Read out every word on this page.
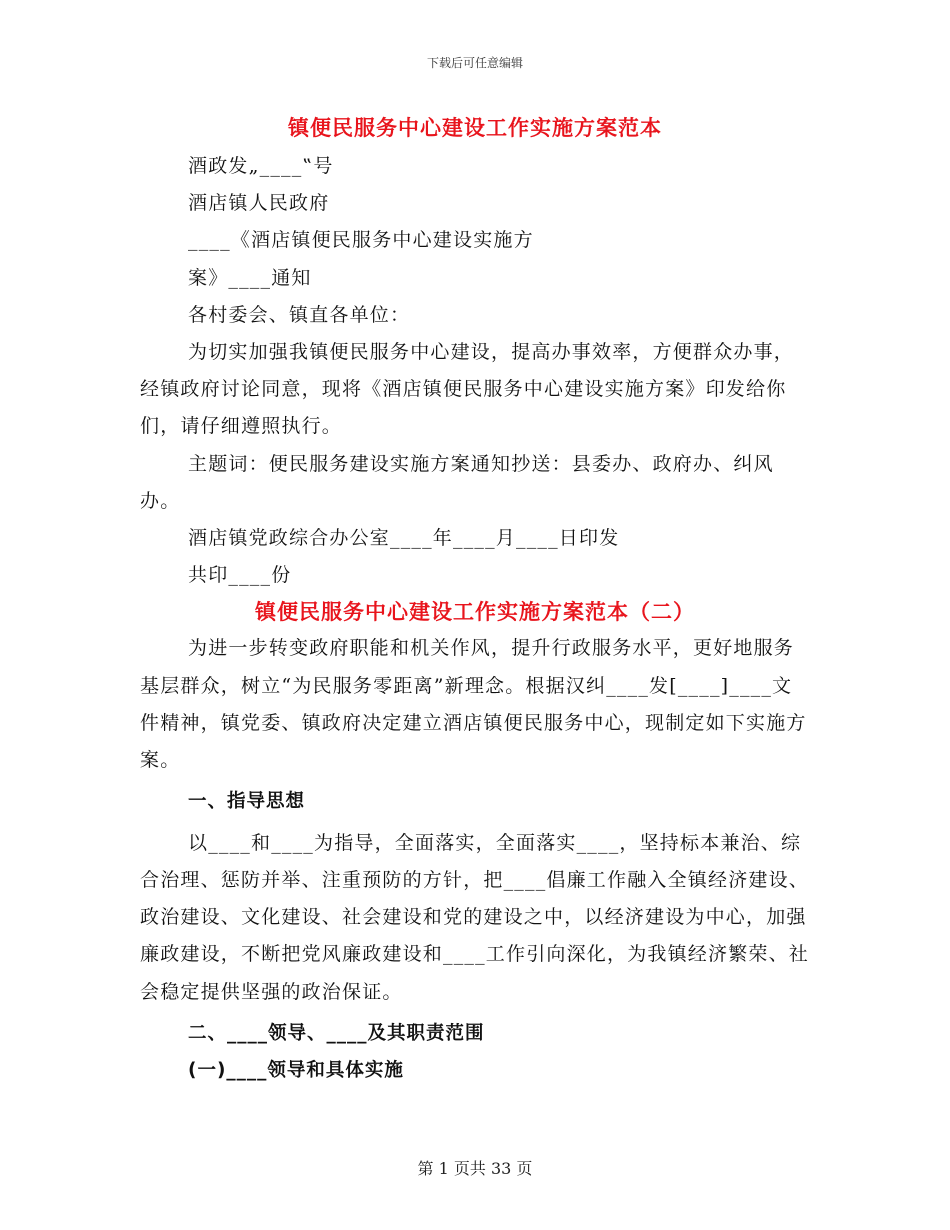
下载后可任意编辑
镇便民服务中心建设工作实施方案范本

酒政发„____‟号

酒店镇人民政府

____《酒店镇便民服务中心建设实施方

案》____通知

各村委会、镇直各单位：

为切实加强我镇便民服务中心建设，提高办事效率，方便群众办事，经镇政府讨论同意，现将《酒店镇便民服务中心建设实施方案》印发给你们，请仔细遵照执行。

主题词：便民服务建设实施方案通知抄送：县委办、政府办、纠风办。

酒店镇党政综合办公室____年____月____日印发

共印____份

镇便民服务中心建设工作实施方案范本（二）

为进一步转变政府职能和机关作风，提升行政服务水平，更好地服务基层群众，树立“为民服务零距离”新理念。根据汉纠____发[____]____文件精神，镇党委、镇政府决定建立酒店镇便民服务中心，现制定如下实施方案。

一、指导思想

以____和____为指导，全面落实，全面落实____，坚持标本兼治、综合治理、惩防并举、注重预防的方针，把____倡廉工作融入全镇经济建设、政治建设、文化建设、社会建设和党的建设之中，以经济建设为中心，加强廉政建设，不断把党风廉政建设和____工作引向深化，为我镇经济繁荣、社会稳定提供坚强的政治保证。

二、____领导、____及其职责范围

(一)____领导和具体实施

第 1 页共 33 页
